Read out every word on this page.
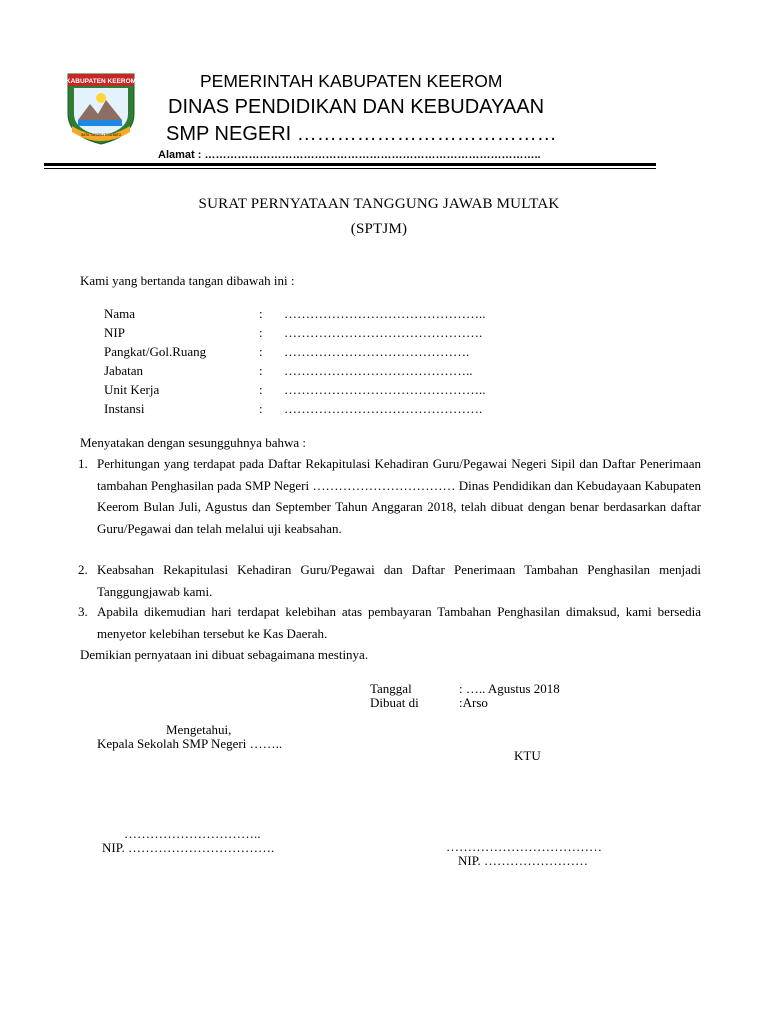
KABUPATEN KEEROM
SATU TUNGKU TIGA BATU
PEMERINTAH KABUPATEN KEEROM
DINAS PENDIDIKAN DAN KEBUDAYAAN
SMP NEGERI …………………………………
Alamat : ………………………………………………………………………………..
SURAT PERNYATAAN TANGGUNG JAWAB MULTAK
(SPTJM)
Kami yang bertanda tangan dibawah ini :
Nama	: ………………………………………..
NIP	: ……………………………………….
Pangkat/Gol.Ruang	: …………………………………….
Jabatan	: ……………………………………..
Unit Kerja	: ………………………………………..
Instansi	: ……………………………………….
Menyatakan dengan sesungguhnya bahwa :
1. Perhitungan yang terdapat pada Daftar Rekapitulasi Kehadiran Guru/Pegawai Negeri Sipil dan Daftar Penerimaan tambahan Penghasilan pada SMP Negeri …………………………… Dinas Pendidikan dan Kebudayaan Kabupaten Keerom Bulan Juli, Agustus dan September Tahun Anggaran 2018, telah dibuat dengan benar berdasarkan daftar Guru/Pegawai dan telah melalui uji keabsahan.
2. Keabsahan Rekapitulasi Kehadiran Guru/Pegawai dan Daftar Penerimaan Tambahan Penghasilan menjadi Tanggungjawab kami.
3. Apabila dikemudian hari terdapat kelebihan atas pembayaran Tambahan Penghasilan dimaksud, kami bersedia menyetor kelebihan tersebut ke Kas Daerah.
Demikian pernyataan ini dibuat sebagaimana mestinya.
Tanggal	: ….. Agustus 2018
Dibuat di	:Arso
Mengetahui,
Kepala Sekolah SMP Negeri ……..
KTU
…………………………..
NIP. …………………………….	………………………………
NIP. ……………………
